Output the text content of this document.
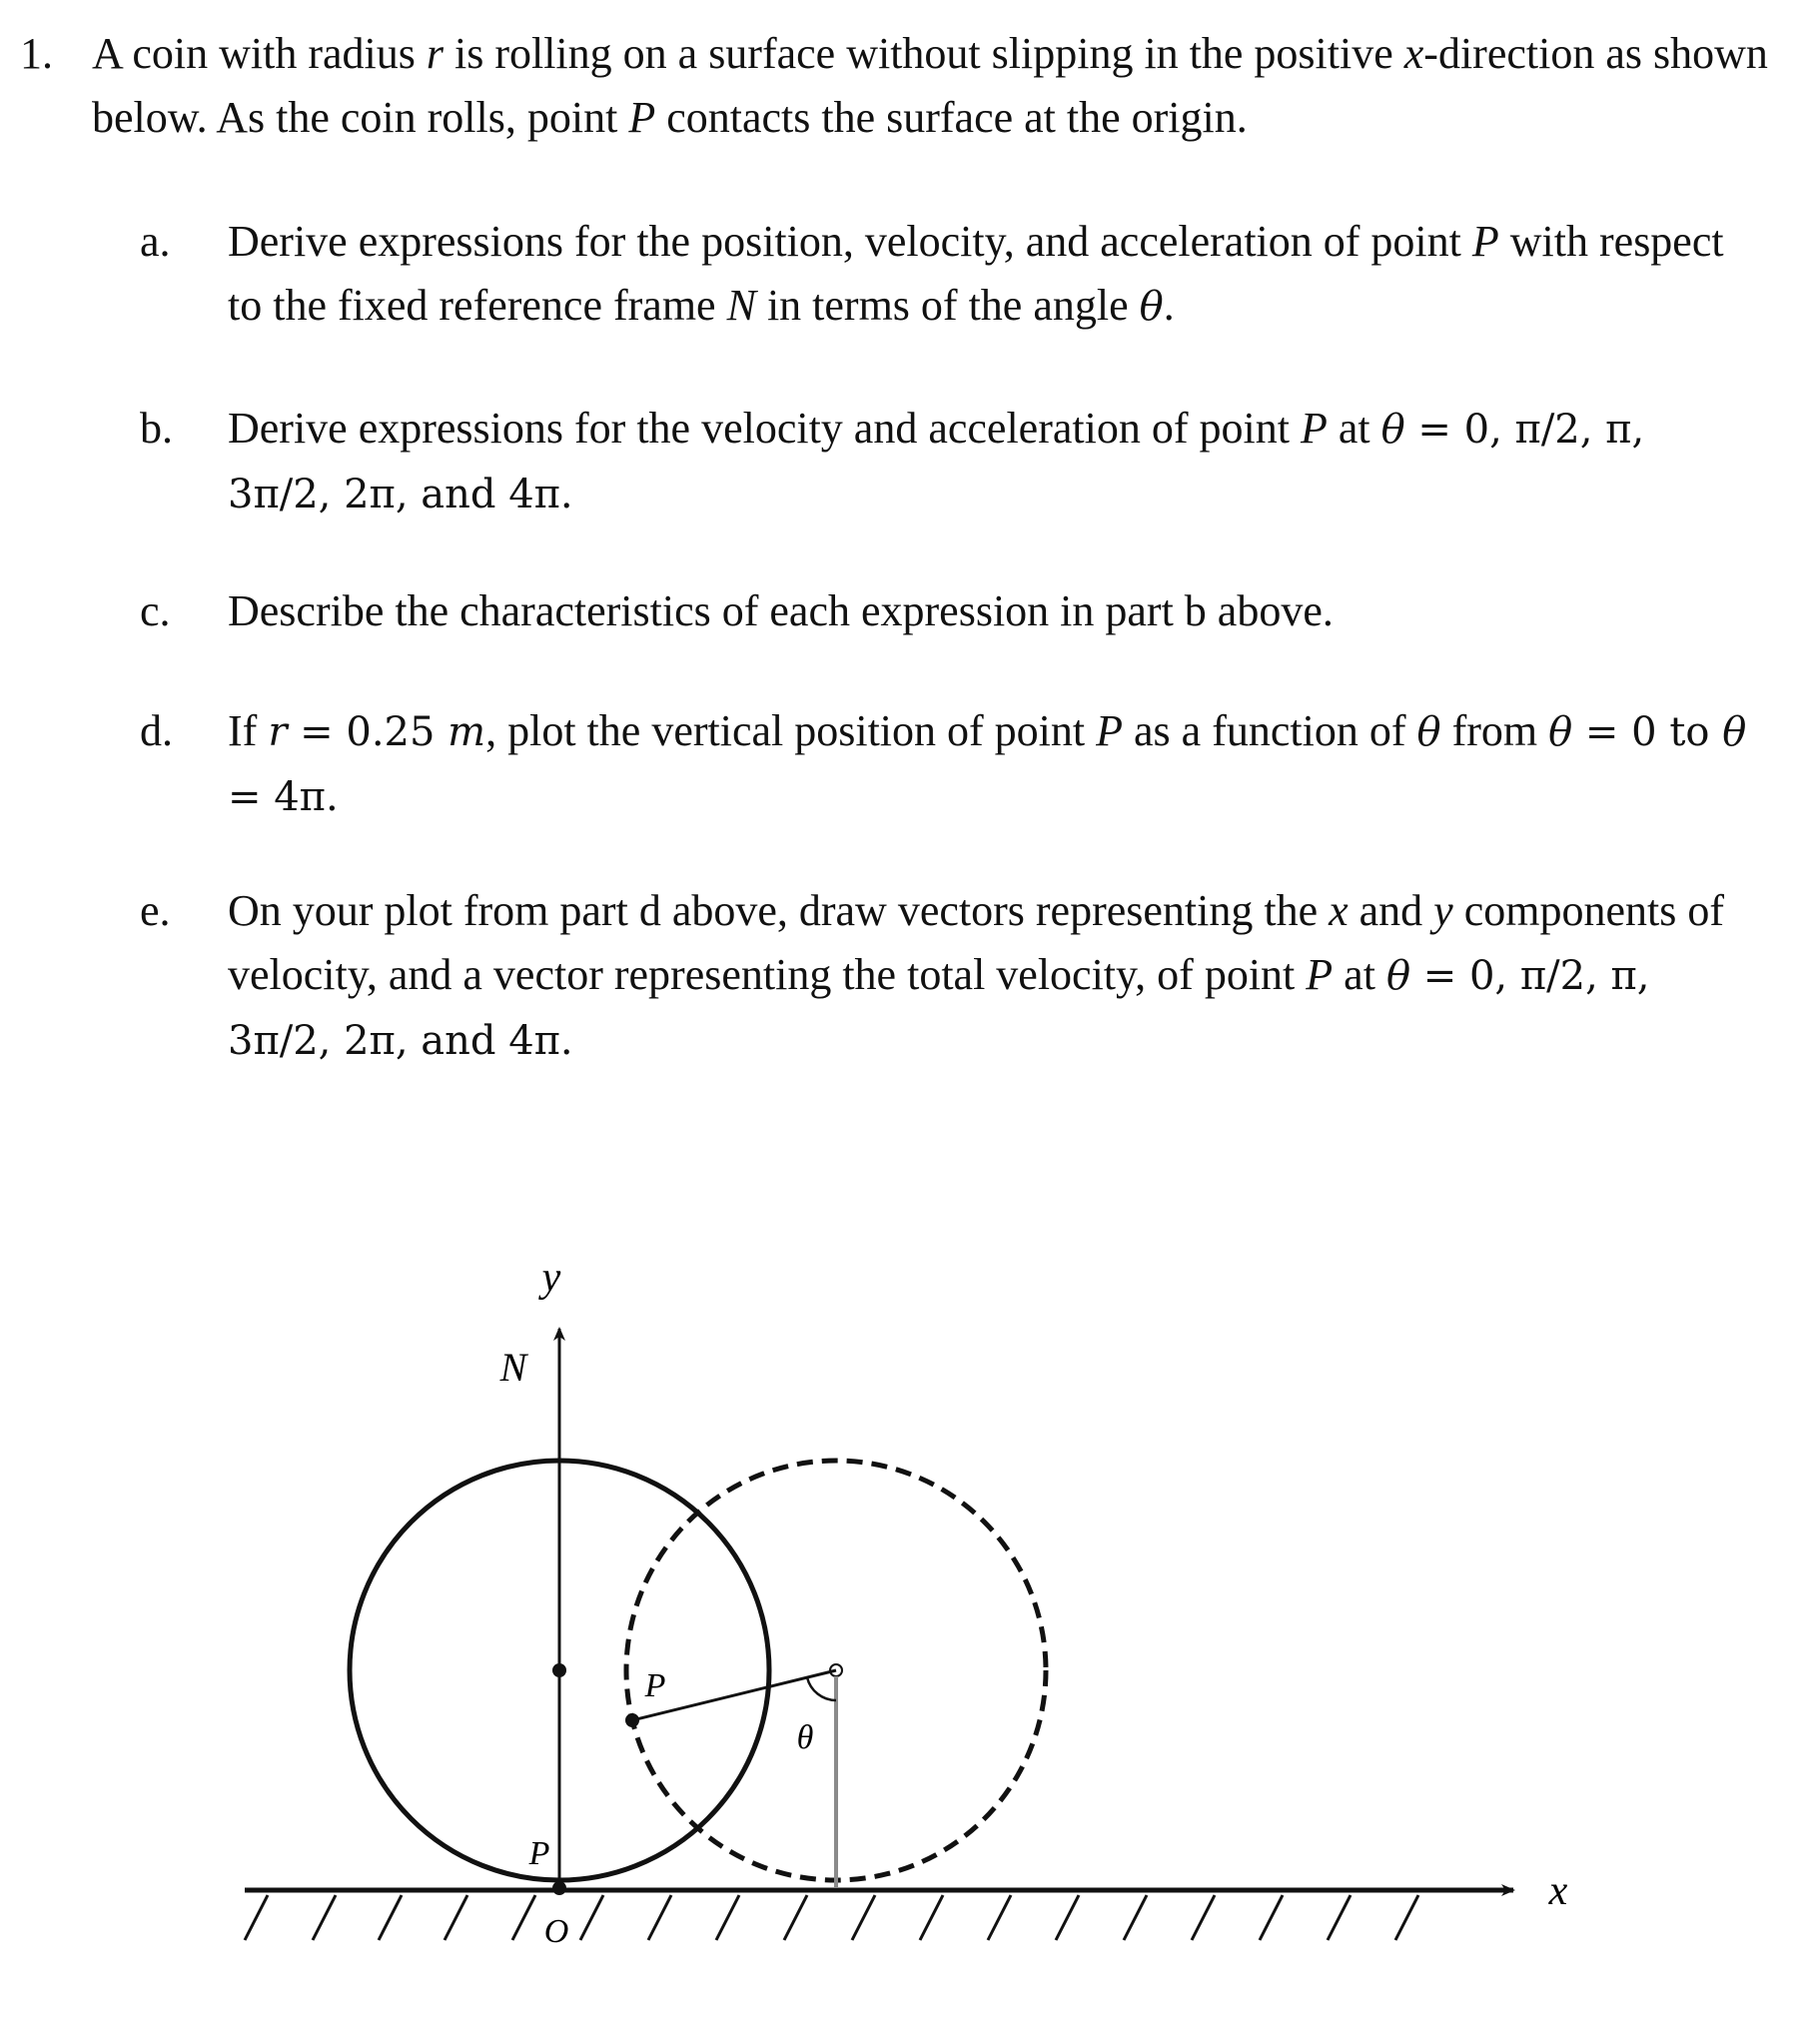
1. A coin with radius r is rolling on a surface without slipping in the positive x-direction as shown below. As the coin rolls, point P contacts the surface at the origin.
a. Derive expressions for the position, velocity, and acceleration of point P with respect to the fixed reference frame N in terms of the angle θ.
b. Derive expressions for the velocity and acceleration of point P at θ = 0, π/2, π, 3π/2, 2π, and 4π.
c. Describe the characteristics of each expression in part b above.
d. If r = 0.25 m, plot the vertical position of point P as a function of θ from θ = 0 to θ = 4π.
e. On your plot from part d above, draw vectors representing the x and y components of velocity, and a vector representing the total velocity, of point P at θ = 0, π/2, π, 3π/2, 2π, and 4π.
y
N
x
O
P
P
θ
